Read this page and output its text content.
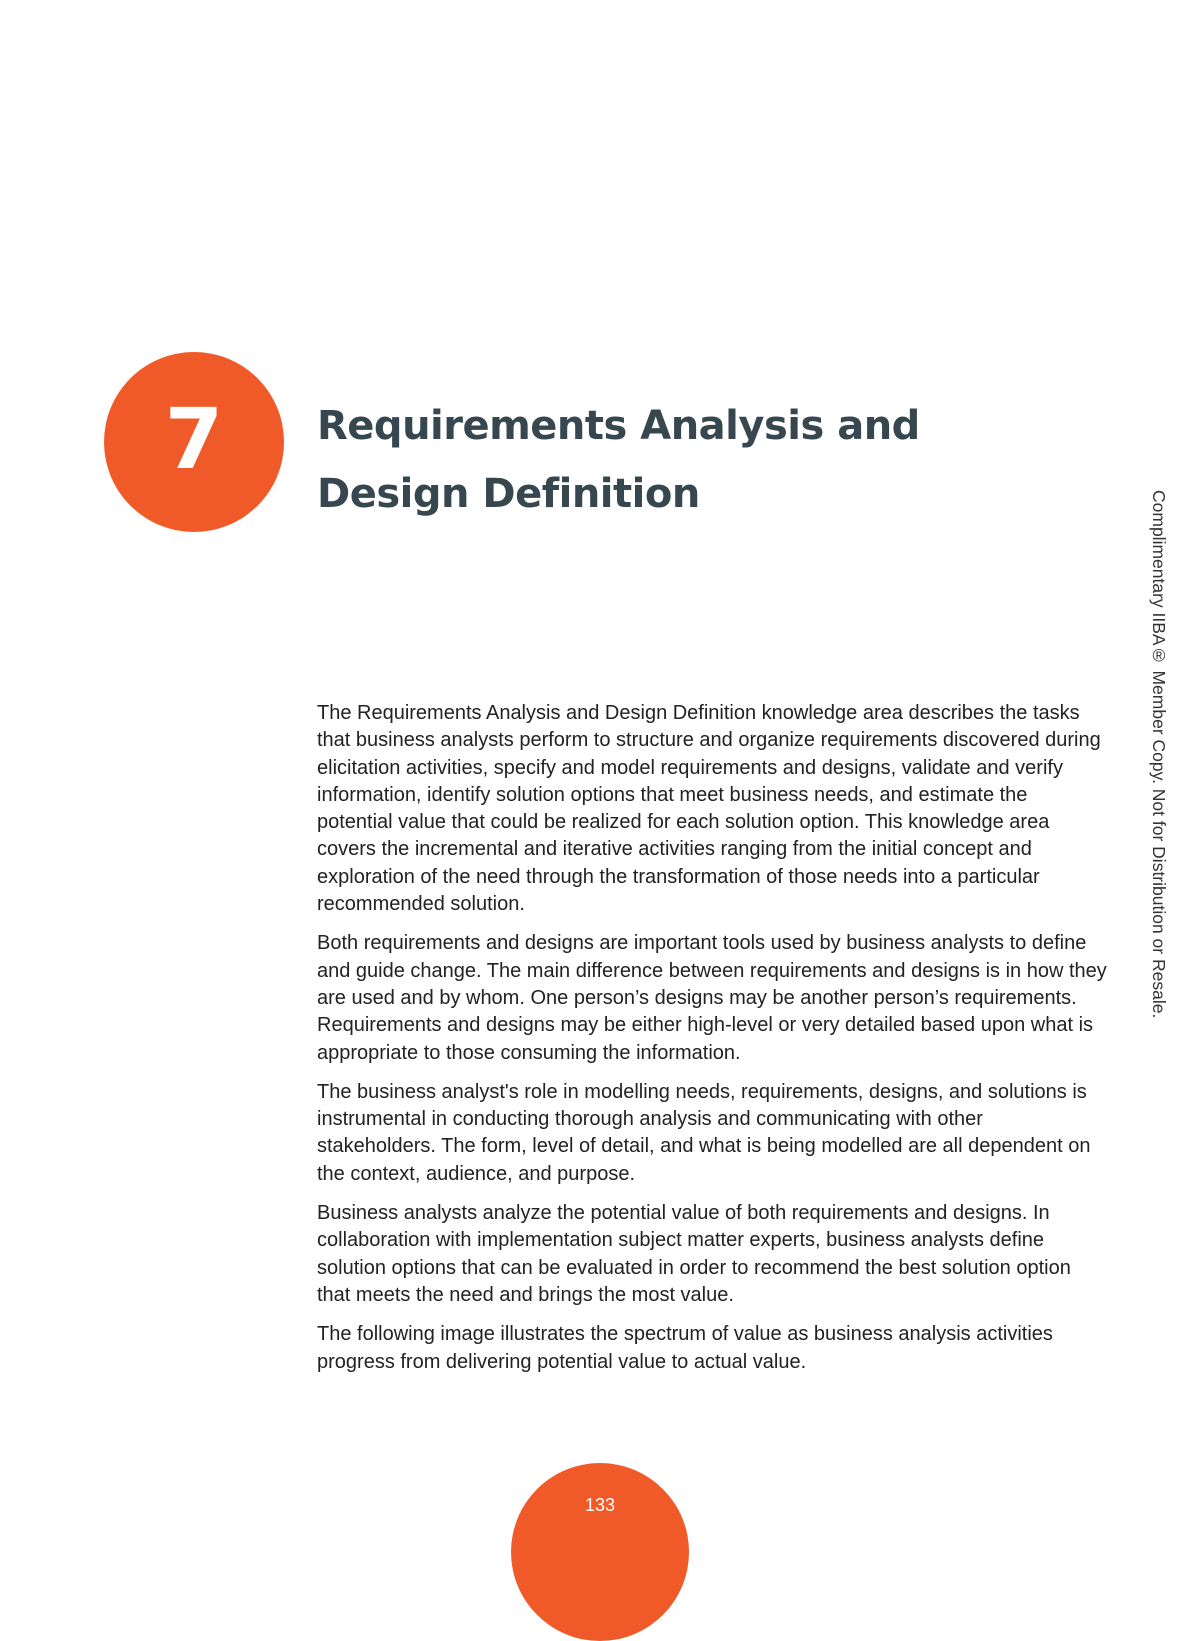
7 Requirements Analysis and Design Definition

The Requirements Analysis and Design Definition knowledge area describes the tasks that business analysts perform to structure and organize requirements discovered during elicitation activities, specify and model requirements and designs, validate and verify information, identify solution options that meet business needs, and estimate the potential value that could be realized for each solution option. This knowledge area covers the incremental and iterative activities ranging from the initial concept and exploration of the need through the transformation of those needs into a particular recommended solution.

Both requirements and designs are important tools used by business analysts to define and guide change. The main difference between requirements and designs is in how they are used and by whom. One person’s designs may be another person’s requirements. Requirements and designs may be either high-level or very detailed based upon what is appropriate to those consuming the information.

The business analyst's role in modelling needs, requirements, designs, and solutions is instrumental in conducting thorough analysis and communicating with other stakeholders. The form, level of detail, and what is being modelled are all dependent on the context, audience, and purpose.

Business analysts analyze the potential value of both requirements and designs. In collaboration with implementation subject matter experts, business analysts define solution options that can be evaluated in order to recommend the best solution option that meets the need and brings the most value.

The following image illustrates the spectrum of value as business analysis activities progress from delivering potential value to actual value.

Complimentary IIBA® Member Copy. Not for Distribution or Resale.
133
